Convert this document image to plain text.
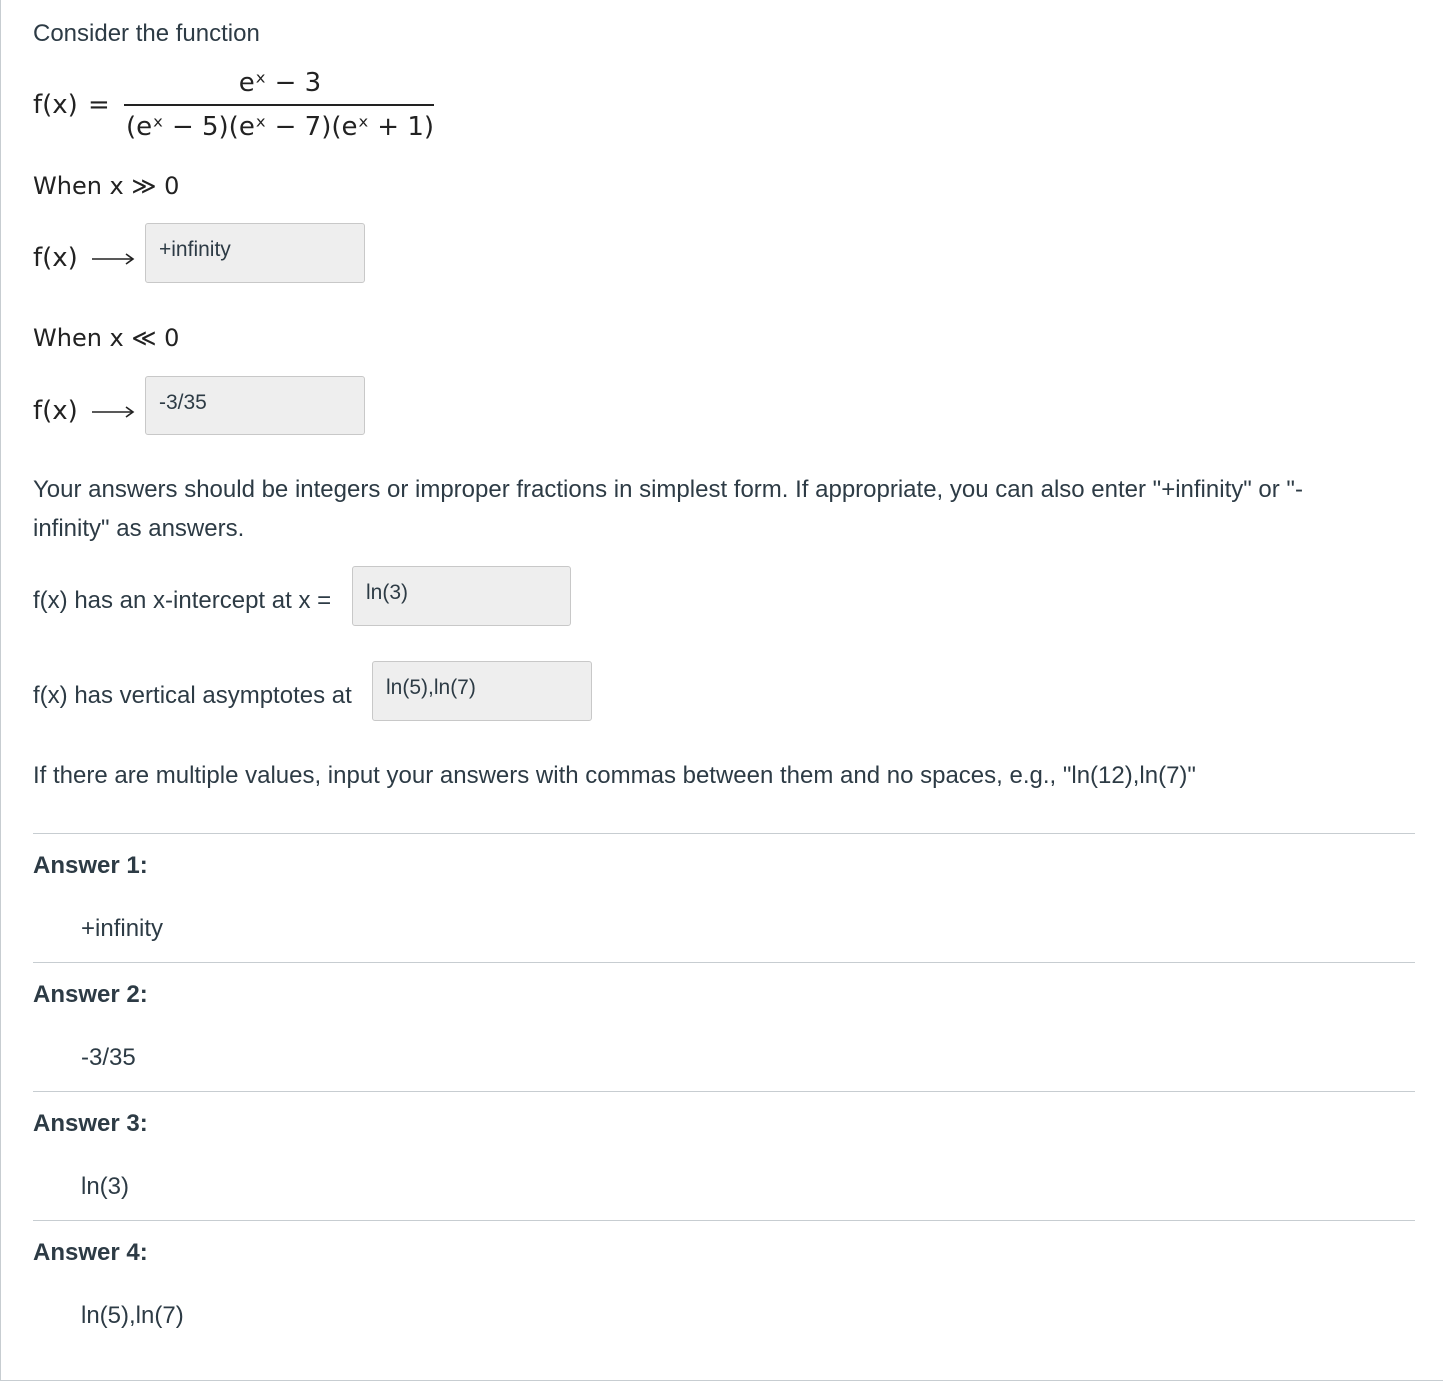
Consider the function
f(x) =
eˣ − 3
(eˣ − 5)(eˣ − 7)(eˣ + 1)
When x ≫ 0
f(x)	+infinity
When x ≪ 0
f(x)	-3/35
Your answers should be integers or improper fractions in simplest form. If appropriate, you can also enter "+infinity" or "-
infinity" as answers.
f(x) has an x-intercept at x =	ln(3)
f(x) has vertical asymptotes at	ln(5),ln(7)
If there are multiple values, input your answers with commas between them and no spaces, e.g., "ln(12),ln(7)"
Answer 1:
+infinity
Answer 2:
-3/35
Answer 3:
ln(3)
Answer 4:
ln(5),ln(7)
